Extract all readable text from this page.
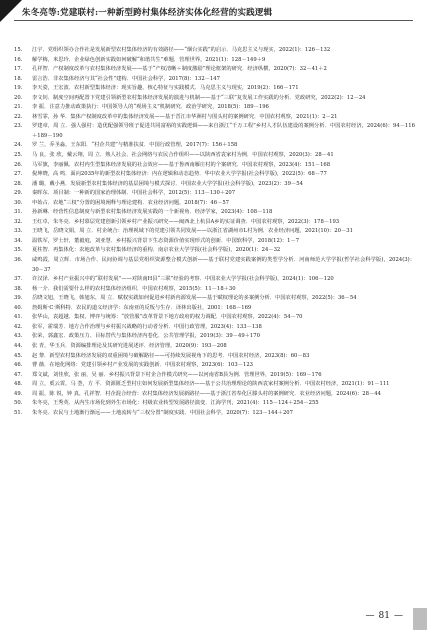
朱冬亮等:党建联村:一种新型跨村集体经济实体化经营的实践逻辑
15.	江宇．党组织领办合作社是发展新型农村集体经济的有效路径——“烟台实践”的启示．马克思主义与现实，2022(1)：126－132
16.	解学梅，米思玲．企业绿色创新实践如何破解“和谐共生”难题．管理世界，2021(1)：128－149＋9
17.	孔祥智．产权制度改革与农村集体经济发展——基于“产权清晰＋制度激励”理论框架的研究．经济纵横，2020(7)：32－41＋2
18.	雷言浩．非农集体经济与其“社会性”建构．中国社会科学，2017(8)：132－147
19.	李天姿，王宏波．农村新型集体经济：现实旨趣、核心特征与实践模式．马克思主义与现实，2019(2)：166－171
20.	李文钊．制度空间再配置下党建引领新型农村集体经济发展的演进与机制——基于“三联”复发展工作实践的分析．党政研究，2022(2)：12－24
21.	李 振．注意力推动政策执行：中国领导人的“观场主义”机制研究．政治学研究，2018(5)：189－196
22.	林雪霏，孙 华．集体产权制度改革中的集体经济发展——基于晋江市华洲村与围头村的案例研究．中国农村观察，2021(1)：2－21
23.	罗建章，周 立．强人强村：造优配强领导班子促进共同富裕的实践逻辑——来自浙江“千万工程”乡村人才队伍建设的案例分析．中国农村经济，2024(6)：94－116＋189－190
24.	罗 兰，乔圣淼，王东阳．“村企共建”与精准扶贫．中国行政管理，2017(7)：156＋158
25.	马 良，张 欣，戴云翔，周 立．熟人社会、社会网络与农民合作组织——以陕西省袁家村为例．中国农村观察，2020(3)：28－41
26.	马军旗，李丽佩．农村内生型集体经济发展的社会效应——基于鲁西南雁庄村的个案研究．中国农村观察，2023(4)：151－168
27.	倪坤晓，高 鸣．面向2035年的新型农村集体经济：内在逻辑和动态趋势．华中农业大学学报(社会科学版)，2022(5)：68－77
28.	潘 璐，戴小燕．发展新型农村集体经济的基层困境与模式探讨．中国农业大学学报(社会科学版)，2023(2)：39－54
29.	秦晖东．项目制：一种新的国家治理体制．中国社会科学，2012(5)：113－130＋207
30.	申始占．农地“三权”分置的困境阐释与理论建构．农业经济问题，2018(7)：46－57
31.	孙新琳．经营性信息制度与新型农村集体经济发展实践的一个新视角．经济学家，2023(4)：108－118
32.	王红卓，朱冬亮．乡村慕层党建创新引领乡村产业振兴研究——闽西北上杭县A乡的实证调查．中国农村观察，2022(3)：178－193
33.	王晓飞，岳晓文娟，周 立．村企统合：治理视域下的党建引领共同发展——以浙江省湖州市L村为例．农业经济问题，2021(10)：20－31
34.	温铁军，罗士轩，董毅庭，刘亚慧．乡村振兴背景下生态资源价值实现形式的创新．中国软科学，2018(12)：1－7
35.	夏柱智．再集体化：农地改革与农村集体经济的重构．南京农业大学学报(社会科学版)，2020(1)：24－32
36.	咸鸣霞，周立辉．市场合作、民间协调与基层党组织资源整合模式创新——基于联村党建实践案例的类型学分析．河南师范大学学报(哲学社会科学版)，2024(3)：30－37
37.	许汉泽．乡村产业振兴中的“联村发展”——对陕南H县“三联”经验的考察．中国农业大学学报(社会科学版)，2024(1)：106－120
38.	杨一介．我们需要什么样的农村集体经济组织．中国农村观察，2015(5)：11－18＋30
39.	岳晓文旭，王晓飞，韩旭东，周 立．赋权实践如何促进乡村新内源发展——基于赋权理论的多案例分析．中国农村观察，2022(5)：36－54
40.	詹姆斯·C·斯科特．农民的道义经济学：东南亚的反叛与生存．译林出版社，2001：168－169
41.	张华山，袁超越．集权、博弈与统筹：“放管服”改革背景下地方政府的权力调配．中国农村观察，2022(4)：54－70
42.	张军，霍瑞芳．地方合作治理与乡村振兴战略的行动者分析．中国行政管理，2023(4)：133－138
43.	张荣，郭鑫宏．政策压力、目标替代与集体经济内卷化．公共管理学报，2019(3)：39－49＋170
44.	张 青，华玉兵．资源编排理论及其研究进展述评．经济管理，2020(9)：193－208
45.	赵 黎．新型农村集体经济发展的双重困境与破解路径——可持续发展视角下的思考．中国农村经济，2023(8)：60－83
46.	曹 薇．在地化网络：党建引领乡村产业发展的实践创新．中国农村观察，2023(6)：103－123
47.	郑文斌，刘佳欣，张 丽，吴 丽．乡村振兴背景下村企合作模式研究——以河南省B县为例．管理世界，2019(5)：169－176
48.	周 立，奚云霄，马 荟，方 平．资源匮乏型村庄如何发展新型集体经济——基于公共治理理论的陕西袁家村案例分析．中国农村经济，2021(1)：91－111
49.	周 振，陈 锐，钟 真，孔祥智．村企混合经营：农村集体经济发展新路径——基于浙江省奉化区滕头村的案例研究．农业经济问题，2024(6)：28－44
50.	朱冬亮，王秀英．从内生市场化到外生市场化：村级农业转型发展路径演变．江海学刊，2021(4)：115－124＋254－255
51.	朱冬亮．农民与土地渐行渐远——土地流转与“三权分置”制度实践．中国社会科学，2020(7)：123－144＋207
— 81 —
